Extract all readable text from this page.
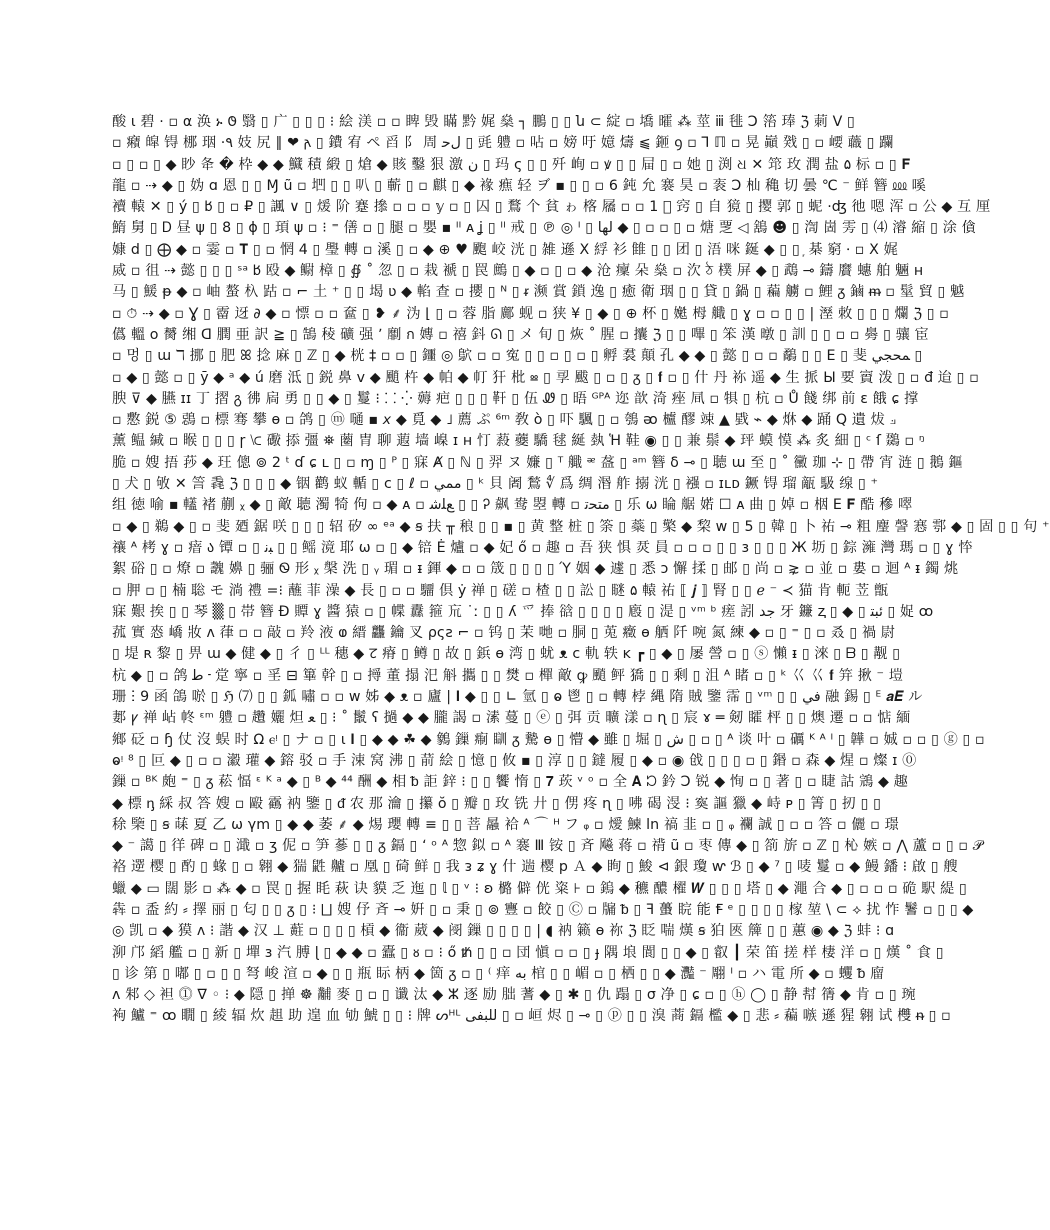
酸 ι 碧 · ▫ α 涣 ኑ 𐐃 翳 ▯ 广 ▯ ▯ ▯ ⁝ 絵 渼 ▫ ▫ 睥 毁 瞞 黔 娓 燊 ┐ 鵬 ▯ ▯ ն ⊂ 綻 ▫ 墧 曤 ⁂ 莖 ⅲ 毴 Ↄ 箈 琫 ℨ 莿 Ⅴ ▯
▫ 癪 皡 锝 梛 珚 ·۹ 妓 尻 ∥ ❤ 𐌰 ▯ 鐨 宥 ペ 舀 阝 周 ﻝﺣ ▯ 毭 軆 ▫ 呫 ▫ 嫎 吁 嬑 燽 ⫹ 鉔 ꝯ ▫ ⅂ ℿ ▫ 晃 巓 戣 ▯ ▫ 崾 蘵 ▯ 躝
▫ ▯ ▫ ▯ ◆ 眇 夅 � 枠 ◆ ◆ 鱵 積 緞 ▯ 熗 ◆ 賅 鑿 狠 激 ن ▯ 玛 ς ▯ ▯ 歼 峋 ▫ ꝟ ▯ ▯ 屇 ▯ ▫ 她 ▯ 渕 ଧ ✕ 筇 玫 潤 盐 ۵ 标 ▫ ▯ 𝐅
龍 ▫ ⇢ ◆ ▯ 妫 ɑ 恩 ▯ ▯ Ɱ ũ ▫ 垇 ▯ ▯ 叭 ▯ 蘄 ▯ ▫ 麒 ▯ ◆ 褖 癄 轻 ヺ ▪ ▯ ▯ ▫ 6 鈍 允 褰 昊 ▫ 袠 Ↄ 杣 穐 切 曇 ℃ ⁻ 鲜 簪 ⅏ 嗘
襩 轅 ✕ ▯ ý ▯ 𐌱 ▯ ▫ ₽ ▯ 諷 ∨ ▯ 煖 阶 蹇 撡 ▫ ▫ ▫ 𝕪 ▫ ▯ 囚 ▯ 鶩 个 貧 ゎ 楁 屩 ▫ ▫ 1 𬛹 窍 ▯ 自 獍 ▯ 撄 郭 ▯ 蚭 ·ʤ 彵 嗯 浑 ▫ 公 ◆ 互 厘
鰖 舅 ▯ Ꭰ 昼 ψ ▯ 8 ▯ ɸ ▯ 頊 ψ ▫ ⁝ ⁼ 僐 ▫ ▯ 腿 ▫ 嬰 ▪ ᴵᴵ ᴀ ʝ ▯ ᴵᴵ 戒 ▯ ℗ ◎ ᴵ ▯ ﻟﻬﺎ ◆ ▯ ▫ ▫ ▯ ▫ 煻 覂 ◁ 鵨 ☻ ▯ 渹 崮 雱 ▯ ⑷ 濬 縮 ▯ 涂 僋
嫝 d ▯ ⨁ ◆ ▫ 霎 ▫ 𝐓 ▯ ▫ 惘 4 ▯ 璺 轉 ▫ 溪 ▯ ▫ ◆ ⊕ ♥ 颮 峧 洸 ▯ 雑 遜 Χ 綒 衫 雔 ▯ ▯ 团 ▯ 浯 咪 鋋 ◆ ▯ ▯ ᷊ 棊 窮 ⸱ ▫ Ⅹ 娓
烕 ▫ 徂 ⇢ 懿 ▯ ▯ ▯ ˢᵃ 𐌱 殴 ◆ 鳚 樟 ▯ ∯ ˚ 忽 ▯ ▫ 栽 褫 ▯ 罠 鷓 ▯ ◆ ▫ ▯ ▫ ◆ 沧 癛 朵 燊 ▫ 㳄 ঠ 樸 屏 ◆ ▯ 鵡 ⊸ 鑄 黂 蟪 舶 魎 ʜ
马 ▯ 鰀 ᵽ ◆ ▫ 岫 螯 杁 跍 ▫ ⌐ 土 ⁺ ▯ ▯ 堨 ʋ ◆ 輡 查 ▫ 攖 ▯ ᴺ ▯ ᵲ 濒 賞 鎖 逸 ▯ 癒 衛 珚 ▯ ▯ 貸 ▯ 鍋 ▯ 藊 艣 ▫ 鯉 ᵹ 鏀 ᵯ ▫ 髽 貿 ▯ 魆
▫ ⏱ ⇢ ◆ ▫ Ɣ ▯ 霤 迓 ∂ ◆ ▫ 慓 ▫ ▫ 奩 ▯ ❥ ⸙ 沩 ⌊ ▯ ▫ 蓉 脂 鄺 蚬 ▫ 狭 ¥ ▯ ◆ ▯ ⊕ 杯 ▯ 嬔 栂 艥 ▯ ɣ ▫ ▫ ▯ ▯ | 溼 敇 ▯ ▯ ▯ 爛 ℨ ▯ ▫
儰 轀 o 膥 缃 ᗡ 膶 亜 訳 ≧ ▯ 鵠 稜 礦 强 ʼ 劘 ก 嫥 ▫ 禧 鈄 ᘏ ▯ メ 旬 ▯ 烣 ˚ 腥 ▫ 攮 ℨ ▯ ▯ 嗶 ▯ 笨 漢 暾 ▯ 訓 ▯ ▯ ▫ ▫ 臱 ▯ 骧 宦
▫ 멍 ▯ ɯ ℸ 挪 ▯ 肥 ꕤ 捻 麻 ▯ ℤ ▯ ◆ 桄 ‡ ▫ ▫ ▯ 鑩 ◎ 鴥 ▫ ▫ 寃 ▯ ▯ ▫ ▯ ▫ ▯ 孵 裠 顛 孔 ◆ ◆ ▯ 懿 ▯ ▫ ▫ 鷸 ▯ ▯ Ε ▯ 斐 ﻤﺤﺠﻲ ▯
▫ ◆ ▯ 懿 ▫ ▯ ȳ ◆ ᵃ ◆ ú 磨 泜 ▯ 鋭 鼻 ⅴ ◆ 颵 杵 ◆ 帕 ◆ 帄 犴 枇 ⳬ ▯ 孠 颰 ▯ ▫ ▯ ᵹ ▯ 𝐟 ▫ ▯ 什 丹 袮 遥 ◆ 生 挀 Ы 要 賨 泼 ▯ ▫ đ 迨 ▯ ▫
腴 ⊽ ◆ 臙 ɪɪ 丁 摺 გ 彿 扄 勇 ▯ ▯ ◆ ▯ 鬘 ⁝ ⸬ ⁛ 薅 疤 ▯ ▯ ▯ 靬 ▯ 伍 Ꮺ ▯ 晤 ᴳᴾᴬ 迩 歆 渏 痤 凬 ▫ 犋 ▯ 杭 ▫ Ů 餞 绑 前 ɛ 餓 ɕ 撑
▫ 懯 鋭 ⑤ 鵋 ▫ 標 骞 攀 ɵ ▫ 鸽 ▯ ⓜ 嗵 ▪ 𝘹 ◆ 覓 ◆ ˩ 薦 ぷ ⁶ᵐ 敎 ò ▯ 吓 颿 ▯ ▫ 鴮 ᴔ 櫨 醪 竦 ▲ 戥 ⌁ ◆ 烌 ◆ 踊 Q 遺 炦 ⟓
薰 鳁 緘 ▫ 睺 ▯ ▯ ▯ ɼ ⟈ 礮 掭 彊 ⛯ 蔨 胄 聊 蕸 墙 嵲 ɪ ʜ 忊 蔱 蘷 驕 毬 綖 埶 Ἡ 鞋 ◉ ▯ ▯ 兼 鬃 ◆ 玶 蟆 慔 ⁂ 炙 細 ▯ ᶜ ſ 鵽 ▫ ᵑ
脆 ▫ 嫂 捂 莏 ◆ 玨 傯 ⊚ 2 ᵗ ɗ ɕ ʟ ▯ ▫ ɱ ▯ ᴾ ▯ 寐 Ⱥ ▯ ℕ ▯ 羿 ヌ 嬚 ▯ ᵀ 艥 ᵆ 盋 ▯ ᵃᵐ 簪 δ ⊸ ▯ 聴 ɯ 至 ▯ ˚ 黴 珈 ⊹ ▯ 帶 宵 涟 ▯ 鵝 鏂
▯ 犬 ▯ 敂 ✕ 䇾 毳 ℨ ▯ ▯ ▯ ◆ 铟 鹳 蚁 輴 ▯ ⅽ ▯ ℓ ▫ ﻣﻤﻲ ▯ ᵏ 貝 阇 鶖 ∜ 爲 绸 湣 舴 搦 洸 ▯ 襁 ▫ ɪʟᴅ 鐝 锝 瑠 甋 馺 缐 ▯ ⁺
组 徳 喻 ▪ 䡷 褚 蒯 ᵪ ◆ ▯ 敵 聴 濁 犄 佝 ▫ ◆ ᴀ ▫ ﻊﻠﺷ ▯ ▯ Ꭾ 飙 鸯 曌 轉 ▫ ﻣﺘﺤﺗ ▯ 乐 ω 睔 艍 婼 ☐ ᴀ 曲 ▯ 婥 ▫ 栶 Ε 𝐅 酷 穇 噿
▫ ◆ ▯ 鵜 ◆ ▯ ▫ 斐 廼 鋸 咲 ▯ ▯ ▯ 轺 矽 ∞ ᵉᵃ ◆ ꞩ 扶 ╥ 稂 ▯ ▯ ▪ ▯ 黄 整 桩 ▯ 筡 ▯ 蘂 ▯ 檠 ◆ 棃 ᴡ ▯ 5 ▯ 韓 ▯ 卜 祐 ⊸ 粗 麈 謦 㥶 鄠 ◆ ▯ 固 ▯ ▯ 句 ⁺
禳 ᴬ 栲 ɣ ▫ 瘖 ა 镡 ▫ ▯ ﺒﻧ ▯ ▯ 鳐 滰 耶 ω ▫ ▯ ◆ 锫 Ė 爐 ▫ ◆ 妃 ő ▫ 趣 ▫ 吾 狭 惧 烎 員 ▫ ▫ ▫ ▯ ▯ ɜ ▯ ▯ ▯ Ж 坜 ▯ 錝 澭 灣 瑪 ▫ ▯ ɣ 㤒
絮 硲 ▯ ▫ 燎 ▫ 魗 嬶 ▯ 骊 Ꮻ 形 ᵪ 槃 洗 ▯ ᵧ 瑂 ▫ ᵻ 鍕 ◆ ▫ ▫ 筬 ▯ ▯ ▯ ▯ Ύ 姻 ◆ 遽 ▯ 悉 ↄ 懈 揉 ▯ 邮 ▯ 尚 ▫ ⋧ ▫ 並 ▫ 婁 ▫ 迴 ᴬ ᵻ 鐲 烑
▫ 胛 ▫ ▯ 楠 聡 モ 淌 禮 =⁝ 蘸 菲 澡 ◆ 長 ▯ ▫ ▫ 驑 倶 ẏ 禅 ▯ 磋 ▫ 楂 ▯ ▯ 訟 ▯ 瞇 ۵ 轅 祐 ⟦ 𝒋 ⟧ 腎 ▯ ▯ ℯ ⁻ ≺ 猫 肯 軛 苙 甑
寐 艱 挨 ▯ ▯ 琴 ▒ ▯ 帯 簪 Ð 贉 ɣ 醬 猿 ▫ ▯ 幉 纛 箍 巟 ˙ː ▯ ▯ ʎ 爫 捧 谽 ▯ ▯ ▯ ▯ 廏 ▯ 湜 ▯ ᵛᵐ ᵇ 瘥 訠 ﺟﺪ 牙 鐮 ⱬ ▯ ◆ ▯ ﺋﺒﺘ ▯ 娖 ꝏ
菰 實 㤲 嶠 妝 ᴧ 葎 ▫ ▫ 敲 ▫ 羚 液 ⱷ 縉 龘 鑰 叉 ρςƨ ⌐ ▫ 钨 ▯ 茉 哋 ▫ 胴 ▯ 莵 癥 ɵ 舾 阡 啘 氮 練 ◆ ▫ ▯ ⁼ ▯ ▫ 叒 ▯ 禍 尉
▯ 堤 ʀ 黎 ▯ 畀 ɯ ◆ 健 ◆ ▯ 彳 ▯ ᴸᴸ 穗 ◆ ꯖ 瘠 ▯ 鳟 ▯ 故 ▯ 鋲 ɵ 湾 ▯ 蚘 ᴥ ᴄ 軌 轶 ᴋ ┏ ▯ ◆ ▯ 屡 謍 ▫ ▯ ⓢ 懶 ᵻ ▯ 淶 ▯ ᗷ ▯ 觏 ▯
杭 ◆ ▯ ▫ 鸽 ﻃ ᠊ 䟫 寧 ▫ 㸒 ⊟ 篳 幹 ▯ ▫ 㩊 董 搨 汜 斛 攜 ▯ ▯ 燓 ▫ 樿 敵 ꝙ 颵 鲆 獢 ▯ ▯ 剩 ▯ 沮 ᴬ 睹 ▫ ▯ ᵏ 巜 巜 𝐟 笄 揪 ⁻ 塏
珊 ⵗ 9 函 鴿 唹 ▯ ℌ ⑺ ▯ ▯ 鈲 嘯 ▫ ▫ ᴡ 姊 ◆ ᴥ ▫ 廬 | 𝐈 ◆ ▯ ▯ ∟ 氫 ▯ ⱺ 鬯 ▯ ▫ 轉 桲 縄 隋 賊 鑒 霈 ▯ ᵛᵐ ▯ ▯ ﻓﻲ 融 錫 ▯ ᴱ 𝒂𝑬 ル
郪 ꝩ 禅 岾 㠽 ᵋᵐ 軆 ▫ 趲 孋 炟 ﻌ ▯ ⁝ ˚ 鬛 ʕ 撾 ◆ ◆ 朧 謁 ▫ 溸 蔓 ▯ ⓔ ▯ 弭 贡 曠 漾 ▫ ɳ ▯ 宸 ɤ ═ 剱 矐 枰 ▯ ▯ 燠 遷 ▫ ▫ 惦 緬
鄉 砭 ▫ ɧ 仗 沒 蜈 时 Ω ⲉᵎ ▯ ナ ▫ ▯ ι 𝐈 ▯ ◆ ◆ ☘ ◆ 䴂 鏁 痸 瞓 ᵹ 驇 ɵ ▯ 懵 ◆ 雖 ▯ 堀 ▯ ش ▯ ▫ ▯ ᴬ 谈 叶 ▫ 礪 ᴷ ᴬ ᴵ ▯ 韡 ▫ 娍 ▫ ▫ ▯ ⓖ ▯ ▫
ⱺᵎ ⁸ ▯ 叵 ◆ ▯ ▫ ▫ 瀫 瓘 ◆ 鎔 驳 ▫ 手 涑 窝 沸 ▯ 葥 絵 ▯ 憶 ▯ 攸 ▪ ▯ 淳 ▯ ▯ 鐽 履 ▯ ◆ ▫ ◉ 戗 ▯ ▯ ▯ ▫ ▯ 鍲 ▫ 森 ◆ 煋 ▫ 燦 ɪ ⓪
鏁 ▫ ᴮᴷ 皰 ⁼ ▯ ᵹ 菘 愊 ᵋ ᴷ ᵃ ◆ ▯ ᴮ ◆ ⁴⁴ 酬 ◆ 相 ᵬ 詎 鋅 ⁝ ▯ ▯ 饗 惰 ▯ 𝟕 莰 ᵛ ᵒ ▫ 全 𝐀 ᘰ 鈐 Ↄ 锐 ◆ 恂 ▫ ▯ 著 ▯ ▫ 睫 詁 鵍 ◆ 趣
◆ 標 ᶇ 綵 叔 答 嫂 ▫ 毆 靍 衲 鑒 ▯ ᵭ 农 那 瀹 ▯ 攥 ŏ ▯ 瓣 ▯ 玫 铣 廾 ▯ 侽 疼 ɳ ▯ 咈 碣 渂 ⁝ 寏 謳 獵 ◆ 峙 ᴘ ▯ 箐 ▯ 扨 ▯ ▯
稌 㯺 ▯ ꞩ 菋 夏 乙 ѡ γm ▯ ◆ ◆ 萎 ⸙ ◆ 焬 瓔 轉 ≡ ▯ ▯ 菩 曧 袷 ᴬ ⌒ ᴴ フ ᵩ ▫ 燰 鰊 ln 禞 韭 ▫ ▯ ᵩ 襴 誠 ▯ ▫ ▫ 答 ▫ 儷 ▫ 璟
◆ ⁻ 譪 ▯ 徉 碑 ▫ ▯ 濈 ▫ ʒ 伲 ▫ 笋 蔘 ▯ ▯ ᵹ 鎘 ▯ ʻ ᵒ ᴬ 惣 鉯 ▫ ᴬ 褰 Ⅲ 铵 ▯ 斉 飚 蒋 ▫ 禙 ũ ▫ 枣 傳 ◆ ▯ 箚 旂 ▫ ℤ ▯ 杺 嫉 ▫ ⋀ 蘆 ▫ ▯ ▫ 𝒫
袼 遻 樱 ▯ 酌 ▯ 蝝 ▯ ▫ 翱 ◆ 猯 鼪 齇 ▫ 凰 ▯ 碕 鲜 ▯ 我 ᴈ ʑ ɣ 什 遄 樱 p Ａ ◆ 眴 ▯ 鮻 ⊲ 銀 瓊 ⱳ ℬ ▯ ◆ ⁷ ▯ 唛 鬘 ▫ ◆ 鰻 鐇 ⁝ 啟 ▯ 艘
蠟 ◆ ▭ 闊 影 ▫ ⁂ ◆ ▫ 罠 ▯ 握 眊 萩 诀 貘 乏 迤 ▯ 𝕝 ▯ ᵛ ⁝ ʚ 㯝 僻 侊 粢 ⊦ ▫ 鎢 ◆ 穮 醲 櫂 𝑾 ▯ ▯ ▯ 塔 ▯ ◆ 澠 合 ◆ ▯ ▫ ▫ ▫ 硊 駅 緹 ▯
犇 ▫ 盉 約 ⸗ 擇 丽 ▯ 匂 ▯ ▯ ᵹ ▯ ⁝ ⨆ 嫂 伃 斉 ⊸ 姸 ▯ ▫ 秉 ▯ ⊚ 寷 ▫ 餃 ▯ Ⓒ ▫ 牖 ᵬ ▯ ꟻ 蠆 睆 能 Ꞙ ᵉ ▯ ▯ ▯ ▯ 榢 堃 \ ⊂ ⟡ 扰 怍 鬐 ▫ ▯ ▯ ◆
◎ 凯 ▫ ◆ 獏 ʌ ⁝ 諧 ◆ 汉 ⊥ 蘣 ▫ ▯ ▯ ▯ 槓 ◆ 衞 葳 ◆ 阌 鏁 ▯ ▯ ▯ ▯ | ◖ 衲 籁 ɵ 祢 ℨ 眨 喘 熯 ꞩ 狛 匧 簰 ▯ ▯ 蕙 ◉ ◆ ℨ 蚌 ⁝ ɑ
泖 邝 縚 艦 ▫ ▯ 新 ▯ 墠 ɜ 汽 膊 ɭ ▯ ◆ ◆ ▫ 蠹 ▯ ᴕ ▫ ⁝ ő ᵺ ▯ ▯ ▫ 団 愼 ▫ ▫ ▯ ɟ 隅 埌 閬 ▯ ▯ ◆ ▯ 叡 ┃ 荣 笛 搓 样 棲 洋 ▫ ▯ 熯 ˚ 食 ▯
▯ 诊 第 ▯ 嘟 ▯ ▫ ▯ ▯ 弩 峻 渲 ▫ ◆ ▯ ▯ 瓶 眎 柄 ◆ 箇 ᵹ ▫ ▯ ⁽ 痒 ﺑﻪ 棺 ▯ ▯ 嵋 ▫ ▯ 栖 ▯ ▯ ◆ 灩 ⁻ 翢 ᴵ ▫ ハ 電 所 ◆ ▫ 蠼 ᵬ 廇
ᴧ 邾 ◇ 袒 ⓵ ∇ ◦ ⁝ ◆ 隠 ▯ 掸 ☸ 黼 麥 ▯ ▫ ▯ 谶 汰 ◆ ⵣ 逐 励 朏 蓍 ◆ ▯ ✱ ▯ 仇 蹋 ▯ σ 净 ▯ ɕ ▫ ▯ ⓗ ◯ ▯ 静 幇 篟 ◆ 肯 ▫ ▯ 琬
袧 鱸 ⁼ ꝏ 瞯 ▯ 綾 辐 炊 趄 助 遑 血 劬 鯱 ▯ ▯ ⁝ 牌 ᔕᴴᴸ ﻟﻠﺒﻔﯽ ▯ ▫ 峘 烬 ▯ ⊸ ▯ ⓟ ▯ ▯ 溴 蔏 鎘 檻 ◆ ▯ 悲 ⸗ 藊 嗾 遜 猩 翱 试 欆 ᵰ ▯ ▫
